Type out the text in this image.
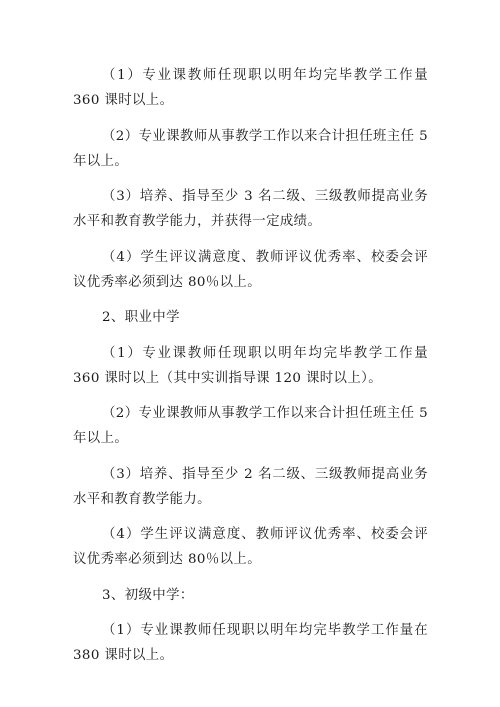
（1）专业课教师任现职以明年均完毕教学工作量 360 课时以上。

（2）专业课教师从事教学工作以来合计担任班主任 5 年以上。

（3）培养、指导至少 3 名二级、三级教师提高业务水平和教育教学能力，并获得一定成绩。

（4）学生评议满意度、教师评议优秀率、校委会评议优秀率必须到达 80％以上。

2、职业中学

（1）专业课教师任现职以明年均完毕教学工作量 360 课时以上（其中实训指导课 120 课时以上）。

（2）专业课教师从事教学工作以来合计担任班主任 5 年以上。

（3）培养、指导至少 2 名二级、三级教师提高业务水平和教育教学能力。

（4）学生评议满意度、教师评议优秀率、校委会评议优秀率必须到达 80％以上。

3、初级中学：

（1）专业课教师任现职以明年均完毕教学工作量在 380 课时以上。
